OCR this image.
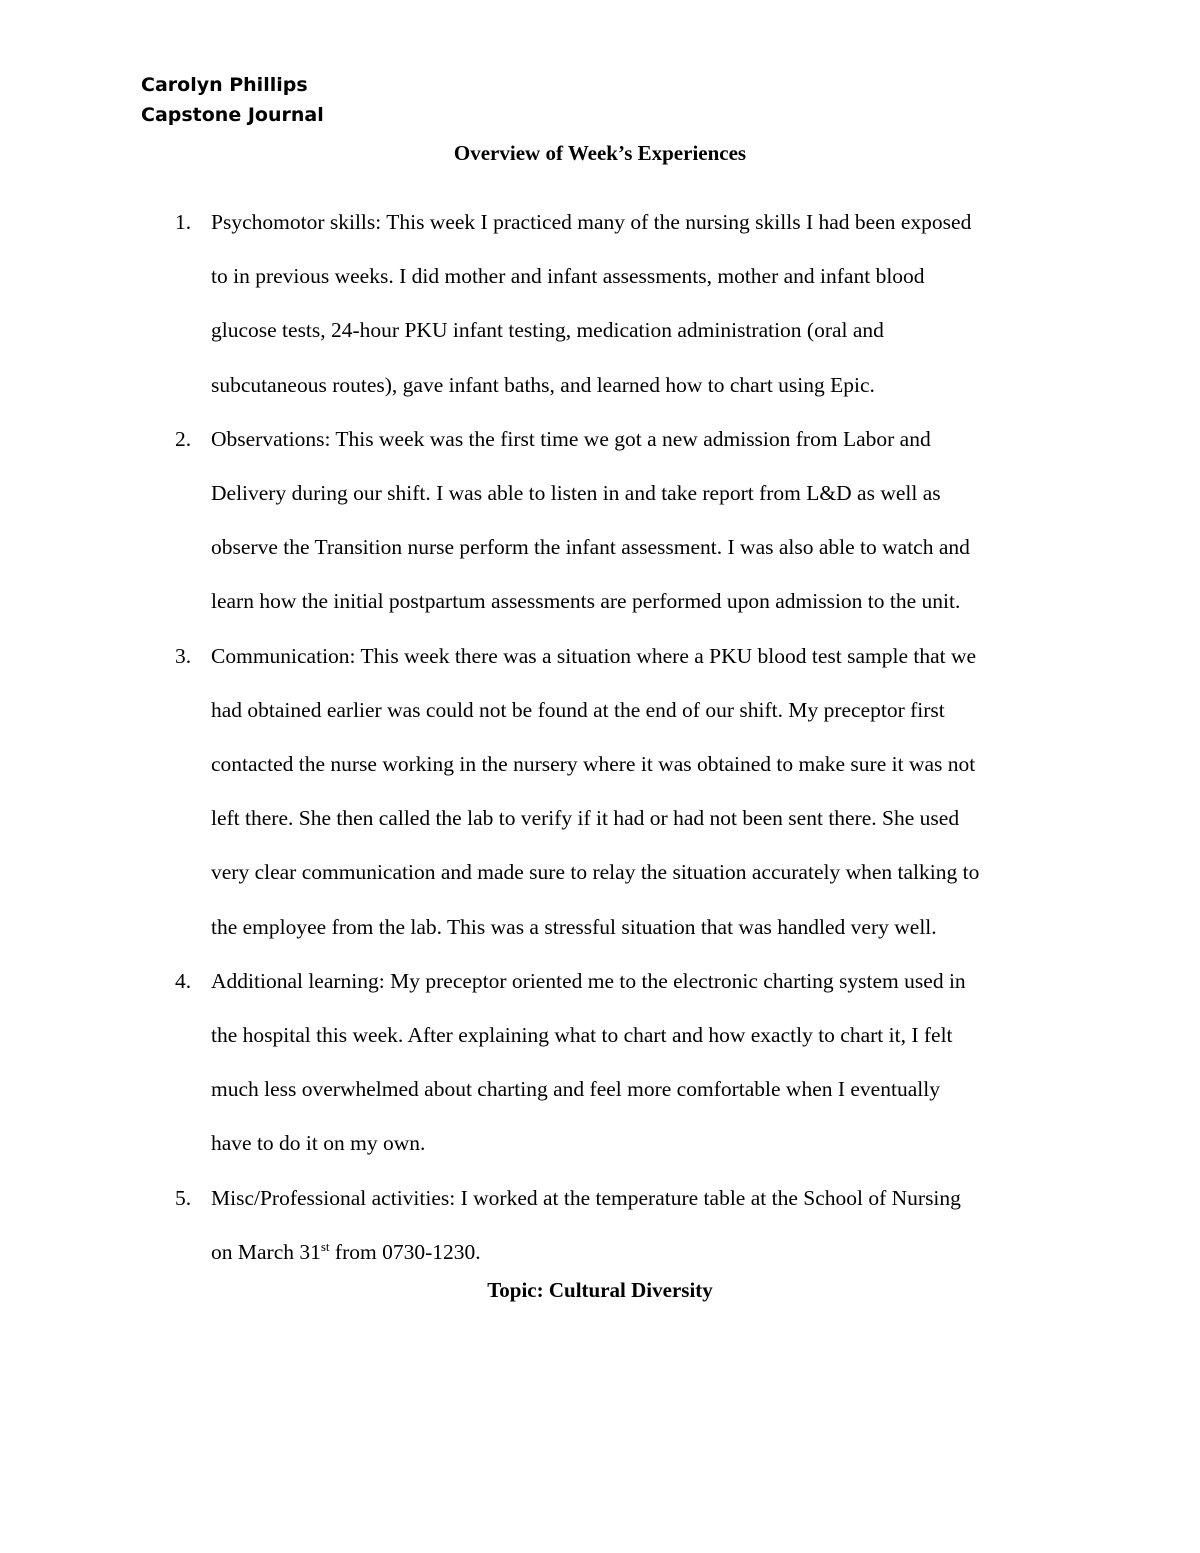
Carolyn Phillips
Capstone Journal
Overview of Week’s Experiences
1. Psychomotor skills: This week I practiced many of the nursing skills I had been exposed
to in previous weeks. I did mother and infant assessments, mother and infant blood
glucose tests, 24-hour PKU infant testing, medication administration (oral and
subcutaneous routes), gave infant baths, and learned how to chart using Epic.
2. Observations: This week was the first time we got a new admission from Labor and
Delivery during our shift. I was able to listen in and take report from L&D as well as
observe the Transition nurse perform the infant assessment. I was also able to watch and
learn how the initial postpartum assessments are performed upon admission to the unit.
3. Communication: This week there was a situation where a PKU blood test sample that we
had obtained earlier was could not be found at the end of our shift. My preceptor first
contacted the nurse working in the nursery where it was obtained to make sure it was not
left there. She then called the lab to verify if it had or had not been sent there. She used
very clear communication and made sure to relay the situation accurately when talking to
the employee from the lab. This was a stressful situation that was handled very well.
4. Additional learning: My preceptor oriented me to the electronic charting system used in
the hospital this week. After explaining what to chart and how exactly to chart it, I felt
much less overwhelmed about charting and feel more comfortable when I eventually
have to do it on my own.
5. Misc/Professional activities: I worked at the temperature table at the School of Nursing
on March 31st from 0730-1230.
Topic: Cultural Diversity
